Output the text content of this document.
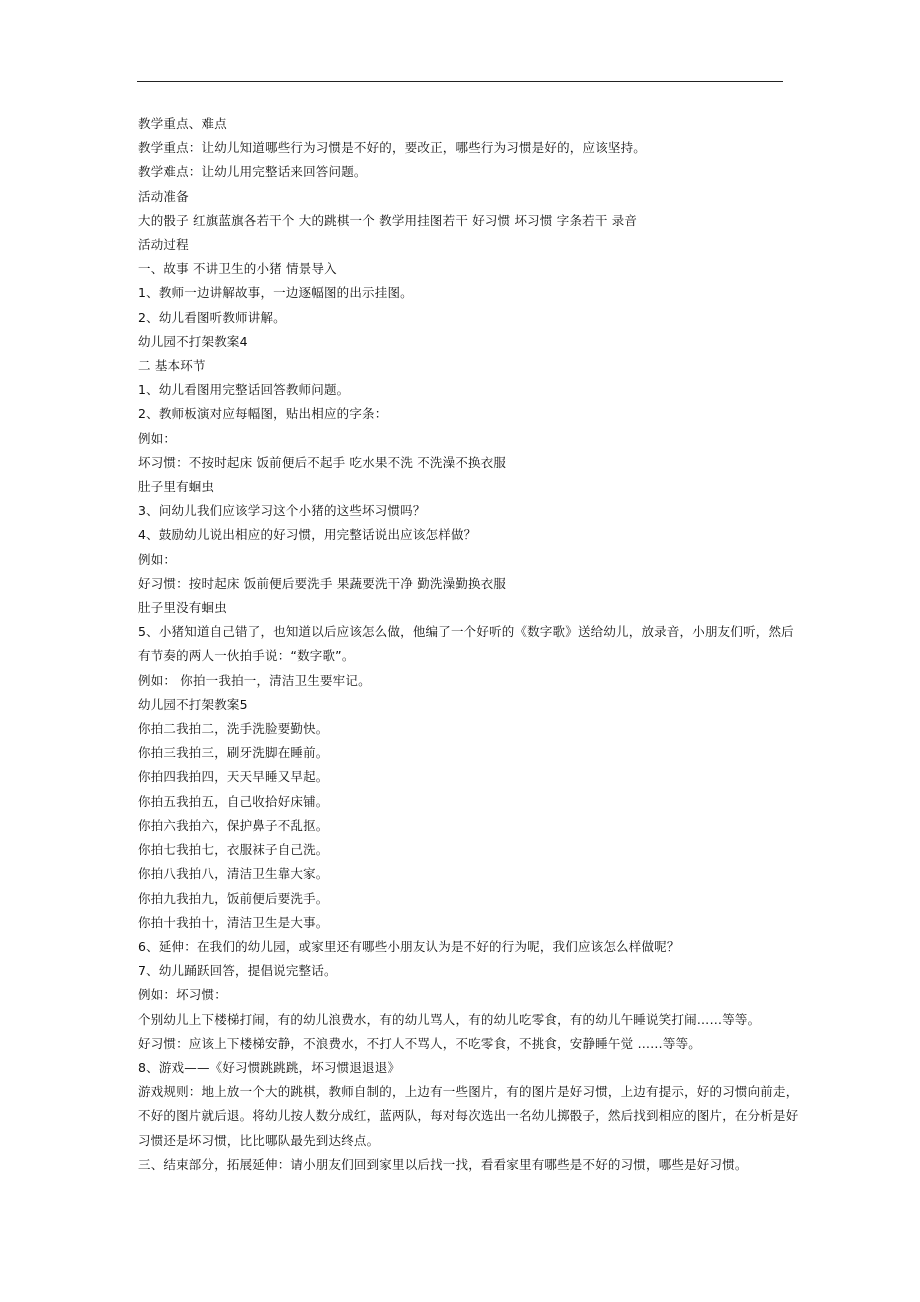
教学重点、难点
教学重点：让幼儿知道哪些行为习惯是不好的，要改正，哪些行为习惯是好的，应该坚持。
教学难点：让幼儿用完整话来回答问题。
活动准备
大的骰子 红旗蓝旗各若干个 大的跳棋一个 教学用挂图若干 好习惯 坏习惯 字条若干 录音
活动过程
一、故事 不讲卫生的小猪 情景导入
1、教师一边讲解故事，一边逐幅图的出示挂图。
2、幼儿看图听教师讲解。
幼儿园不打架教案4
二 基本环节
1、幼儿看图用完整话回答教师问题。
2、教师板演对应每幅图，贴出相应的字条：
例如：
坏习惯：不按时起床 饭前便后不起手 吃水果不洗 不洗澡不换衣服
肚子里有蛔虫
3、问幼儿我们应该学习这个小猪的这些坏习惯吗？
4、鼓励幼儿说出相应的好习惯，用完整话说出应该怎样做？
例如：
好习惯：按时起床 饭前便后要洗手 果蔬要洗干净 勤洗澡勤换衣服
肚子里没有蛔虫
5、小猪知道自己错了，也知道以后应该怎么做，他编了一个好听的《数字歌》送给幼儿，放录音，小朋友们听，然后
有节奏的两人一伙拍手说：“数字歌”。
例如： 你拍一我拍一，清洁卫生要牢记。
幼儿园不打架教案5
你拍二我拍二，洗手洗脸要勤快。
你拍三我拍三，刷牙洗脚在睡前。
你拍四我拍四，天天早睡又早起。
你拍五我拍五，自己收拾好床铺。
你拍六我拍六，保护鼻子不乱抠。
你拍七我拍七，衣服袜子自己洗。
你拍八我拍八，清洁卫生靠大家。
你拍九我拍九，饭前便后要洗手。
你拍十我拍十，清洁卫生是大事。
6、延伸：在我们的幼儿园，或家里还有哪些小朋友认为是不好的行为呢，我们应该怎么样做呢？
7、幼儿踊跃回答，提倡说完整话。
例如：坏习惯：
个别幼儿上下楼梯打闹，有的幼儿浪费水，有的幼儿骂人，有的幼儿吃零食，有的幼儿午睡说笑打闹……等等。
好习惯：应该上下楼梯安静，不浪费水，不打人不骂人，不吃零食，不挑食，安静睡午觉 ……等等。
8、游戏——《好习惯跳跳跳，坏习惯退退退》
游戏规则：地上放一个大的跳棋，教师自制的，上边有一些图片，有的图片是好习惯，上边有提示，好的习惯向前走，
不好的图片就后退。将幼儿按人数分成红，蓝两队，每对每次选出一名幼儿掷骰子，然后找到相应的图片，在分析是好
习惯还是坏习惯，比比哪队最先到达终点。
三、结束部分，拓展延伸：请小朋友们回到家里以后找一找，看看家里有哪些是不好的习惯，哪些是好习惯。
